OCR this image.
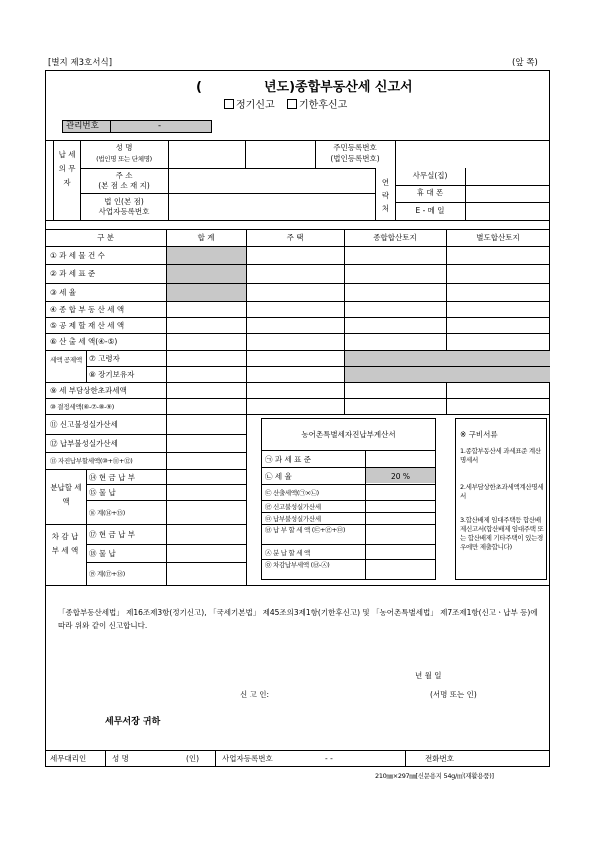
[별지 제3호서식]	(앞 쪽)
(	년도)종합부동산세 신고서
정기신고 기한후신고
관리번호	-
납 세 의 무 자
성 명
(법인명 또는 단체명)
주민등록번호
(법인등록번호)
주 소
(본 점 소 재 지)
법 인(본 점)
사업자등록번호
연 락 처
사무실(집)
휴 대 폰
E - 메 일
구 분	합 계	주 택	종합합산토지	별도합산토지
① 과 세 물 건 수
② 과 세 표 준
③ 세 율
④ 종 합 부 동 산 세 액
⑤ 공 제 할 재 산 세 액
⑥ 산 출 세 액(④-⑤)
세액 공제액 ⑦ 고령자
⑧ 장기보유자
⑨ 세 부담상한초과세액
⑩ 결정세액(⑥-⑦-⑧-⑨)
⑪ 신고불성실가산세
⑫ 납부불성실가산세
⑬ 자진납부할세액(⑩+⑪+⑫)
분납할 세 액
⑭ 현 금 납 부
⑮ 물 납
⑯ 계(⑭+⑮)
차 감 납 부 세 액
⑰ 현 금 납 부
⑱ 물 납
⑲ 계(⑰+⑱)
농어촌특별세자진납부계산서
㉠ 과 세 표 준
㉡ 세 율	20 %
㉢ 산출세액(㉠×㉡)
㉣ 신고불성실가산세
㉤ 납부불성실가산세
㉥ 납 부 할 세 액 (㉢+㉣+㉤)
㉦ 분 납 할 세 액
㉧ 차감납부세액 (㉥-㉦)
※ 구비서류
1.종합부동산세 과세표준 계산명세서
2.세부담상한초과세액계산명세서
3.합산배제 임대주택등 합산배제신고서(합산배제 임대주택 또는 합산배제 기타주택이 있는경우에만 제출합니다)
「종합부동산세법」 제16조제3항(정기신고), 「국세기본법」 제45조의3제1항(기한후신고) 및 「농어촌특별세법」 제7조제1항(신고ㆍ납부 등)에 따라 위와 같이 신고합니다.
년 월 일
신 고 인:	(서명 또는 인)
세무서장 귀하
세무대리인	성 명	(인)	사업자등록번호	- -	전화번호
210㎜×297㎜[신문용지 54g/㎡(재활용품)]
